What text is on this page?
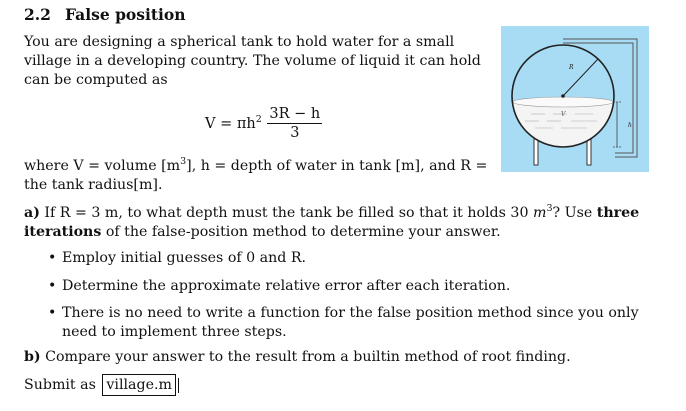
2.2 False position
You are designing a spherical tank to hold water for a small village in a developing country. The volume of liquid it can hold can be computed as
$V = \pi h^2 \frac{3R - h}{3}$
where V = volume $[m^3]$, h = depth of water in tank [m], and R = the tank radius[m].
a) If R = 3 m, to what depth must the tank be filled so that it holds 30 $m^3$? Use three iterations of the false-position method to determine your answer.
• Employ initial guesses of 0 and R.
• Determine the approximate relative error after each iteration.
• There is no need to write a function for the false position method since you only need to implement three steps.
b) Compare your answer to the result from a builtin method of root finding.
Submit as village.m
R
V
h
